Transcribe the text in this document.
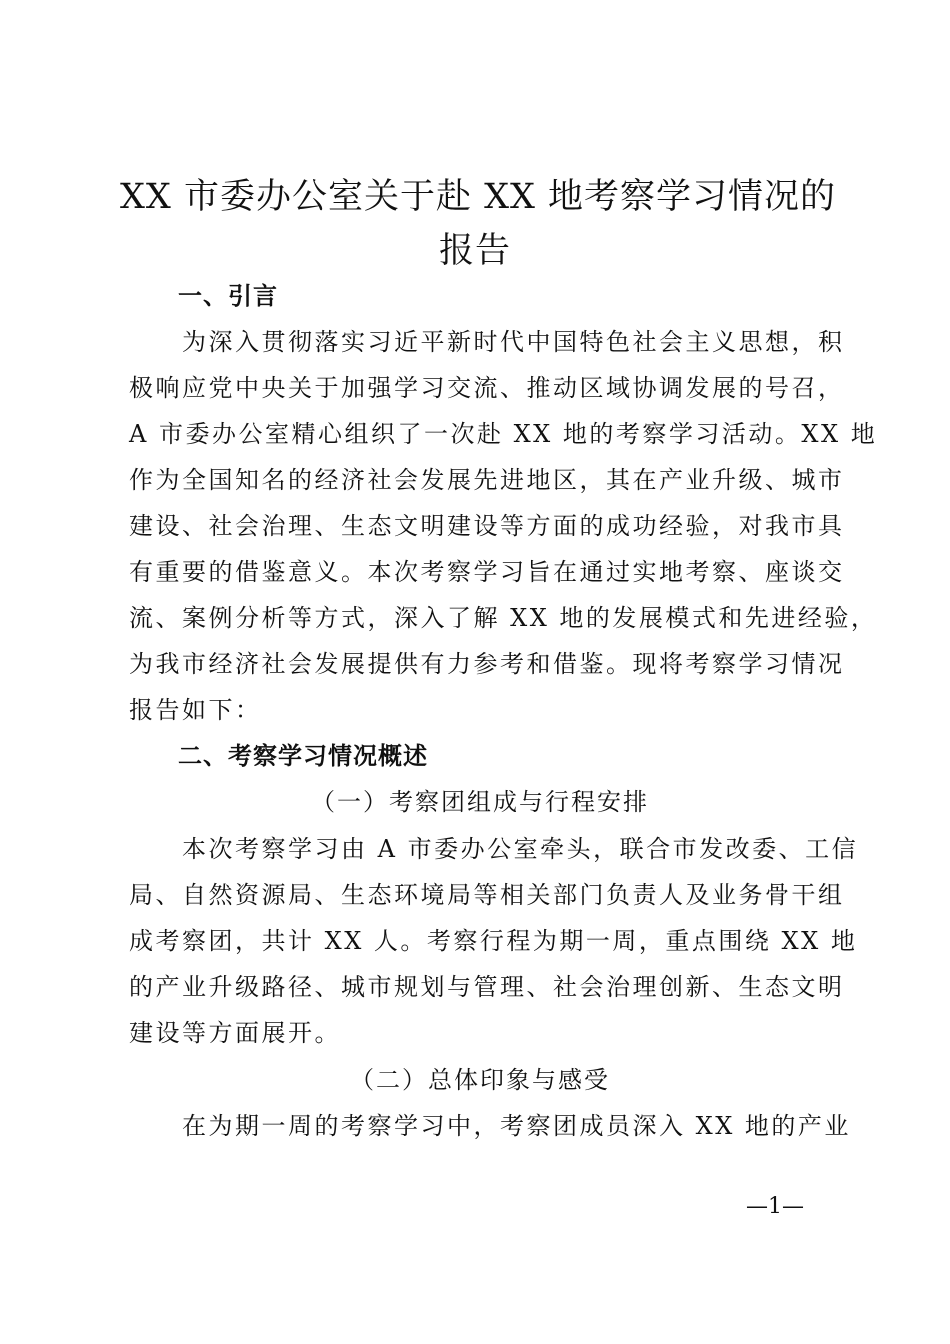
XX 市委办公室关于赴 XX 地考察学习情况的
报告
一、引言
　　为深入贯彻落实习近平新时代中国特色社会主义思想，积
极响应党中央关于加强学习交流、推动区域协调发展的号召，
A 市委办公室精心组织了一次赴 XX 地的考察学习活动。XX 地
作为全国知名的经济社会发展先进地区，其在产业升级、城市
建设、社会治理、生态文明建设等方面的成功经验，对我市具
有重要的借鉴意义。本次考察学习旨在通过实地考察、座谈交
流、案例分析等方式，深入了解 XX 地的发展模式和先进经验，
为我市经济社会发展提供有力参考和借鉴。现将考察学习情况
报告如下：
二、考察学习情况概述
（一）考察团组成与行程安排
　　本次考察学习由 A 市委办公室牵头，联合市发改委、工信
局、自然资源局、生态环境局等相关部门负责人及业务骨干组
成考察团，共计 XX 人。考察行程为期一周，重点围绕 XX 地
的产业升级路径、城市规划与管理、社会治理创新、生态文明
建设等方面展开。
（二）总体印象与感受
　　在为期一周的考察学习中，考察团成员深入 XX 地的产业
—1—
